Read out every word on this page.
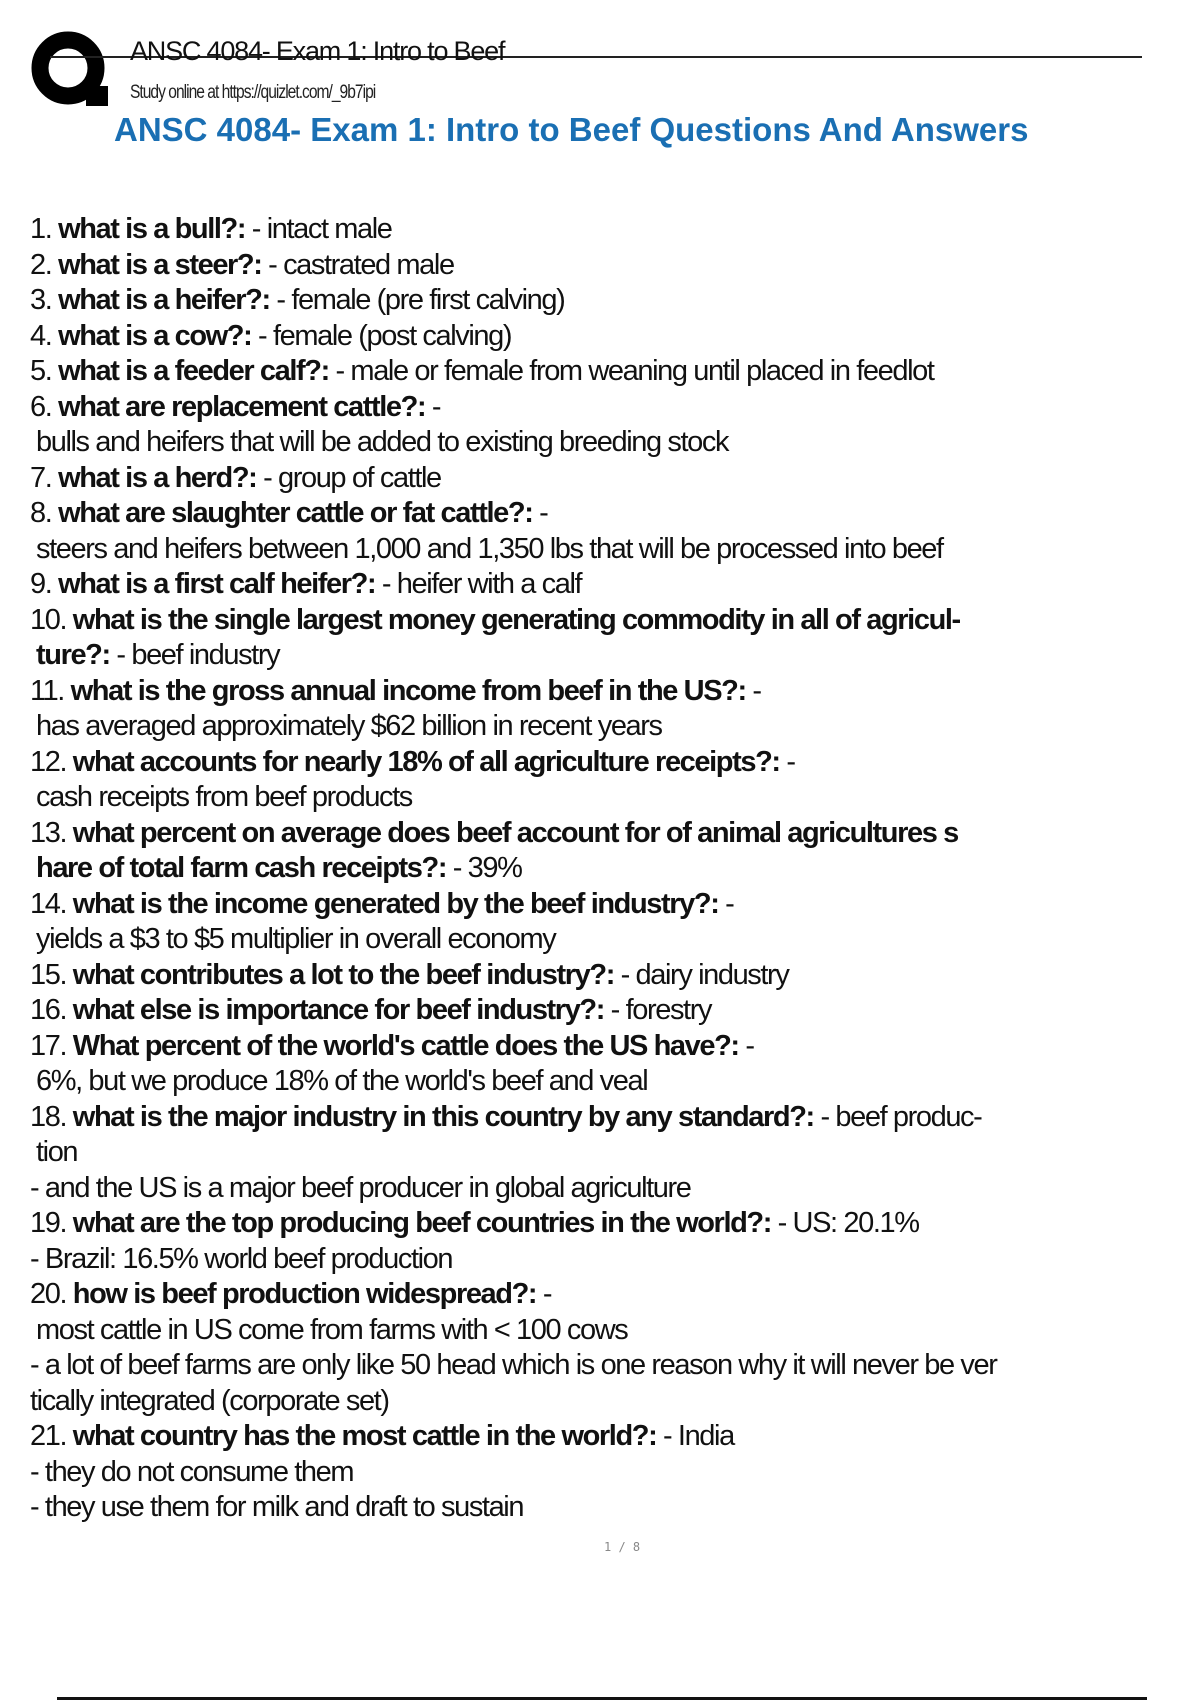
ANSC 4084- Exam 1: Intro to Beef
Study online at https://quizlet.com/_9b7ipi
ANSC 4084- Exam 1: Intro to Beef Questions And Answers
1. what is a bull?: - intact male
2. what is a steer?: - castrated male
3. what is a heifer?: - female (pre first calving)
4. what is a cow?: - female (post calving)
5. what is a feeder calf?: - male or female from weaning until placed in feedlot
6. what are replacement cattle?: -
bulls and heifers that will be added to existing breeding stock
7. what is a herd?: - group of cattle
8. what are slaughter cattle or fat cattle?: -
steers and heifers between 1,000 and 1,350 lbs that will be processed into beef
9. what is a first calf heifer?: - heifer with a calf
10. what is the single largest money generating commodity in all of agricul-
ture?: - beef industry
11. what is the gross annual income from beef in the US?: -
has averaged approximately $62 billion in recent years
12. what accounts for nearly 18% of all agriculture receipts?: -
cash receipts from beef products
13. what percent on average does beef account for of animal agricultures s
hare of total farm cash receipts?: - 39%
14. what is the income generated by the beef industry?: -
yields a $3 to $5 multiplier in overall economy
15. what contributes a lot to the beef industry?: - dairy industry
16. what else is importance for beef industry?: - forestry
17. What percent of the world's cattle does the US have?: -
6%, but we produce 18% of the world's beef and veal
18. what is the major industry in this country by any standard?: - beef produc-
tion
- and the US is a major beef producer in global agriculture
19. what are the top producing beef countries in the world?: - US: 20.1%
- Brazil: 16.5% world beef production
20. how is beef production widespread?: -
most cattle in US come from farms with < 100 cows
- a lot of beef farms are only like 50 head which is one reason why it will never be ver
tically integrated (corporate set)
21. what country has the most cattle in the world?: - India
- they do not consume them
- they use them for milk and draft to sustain
1 / 8
